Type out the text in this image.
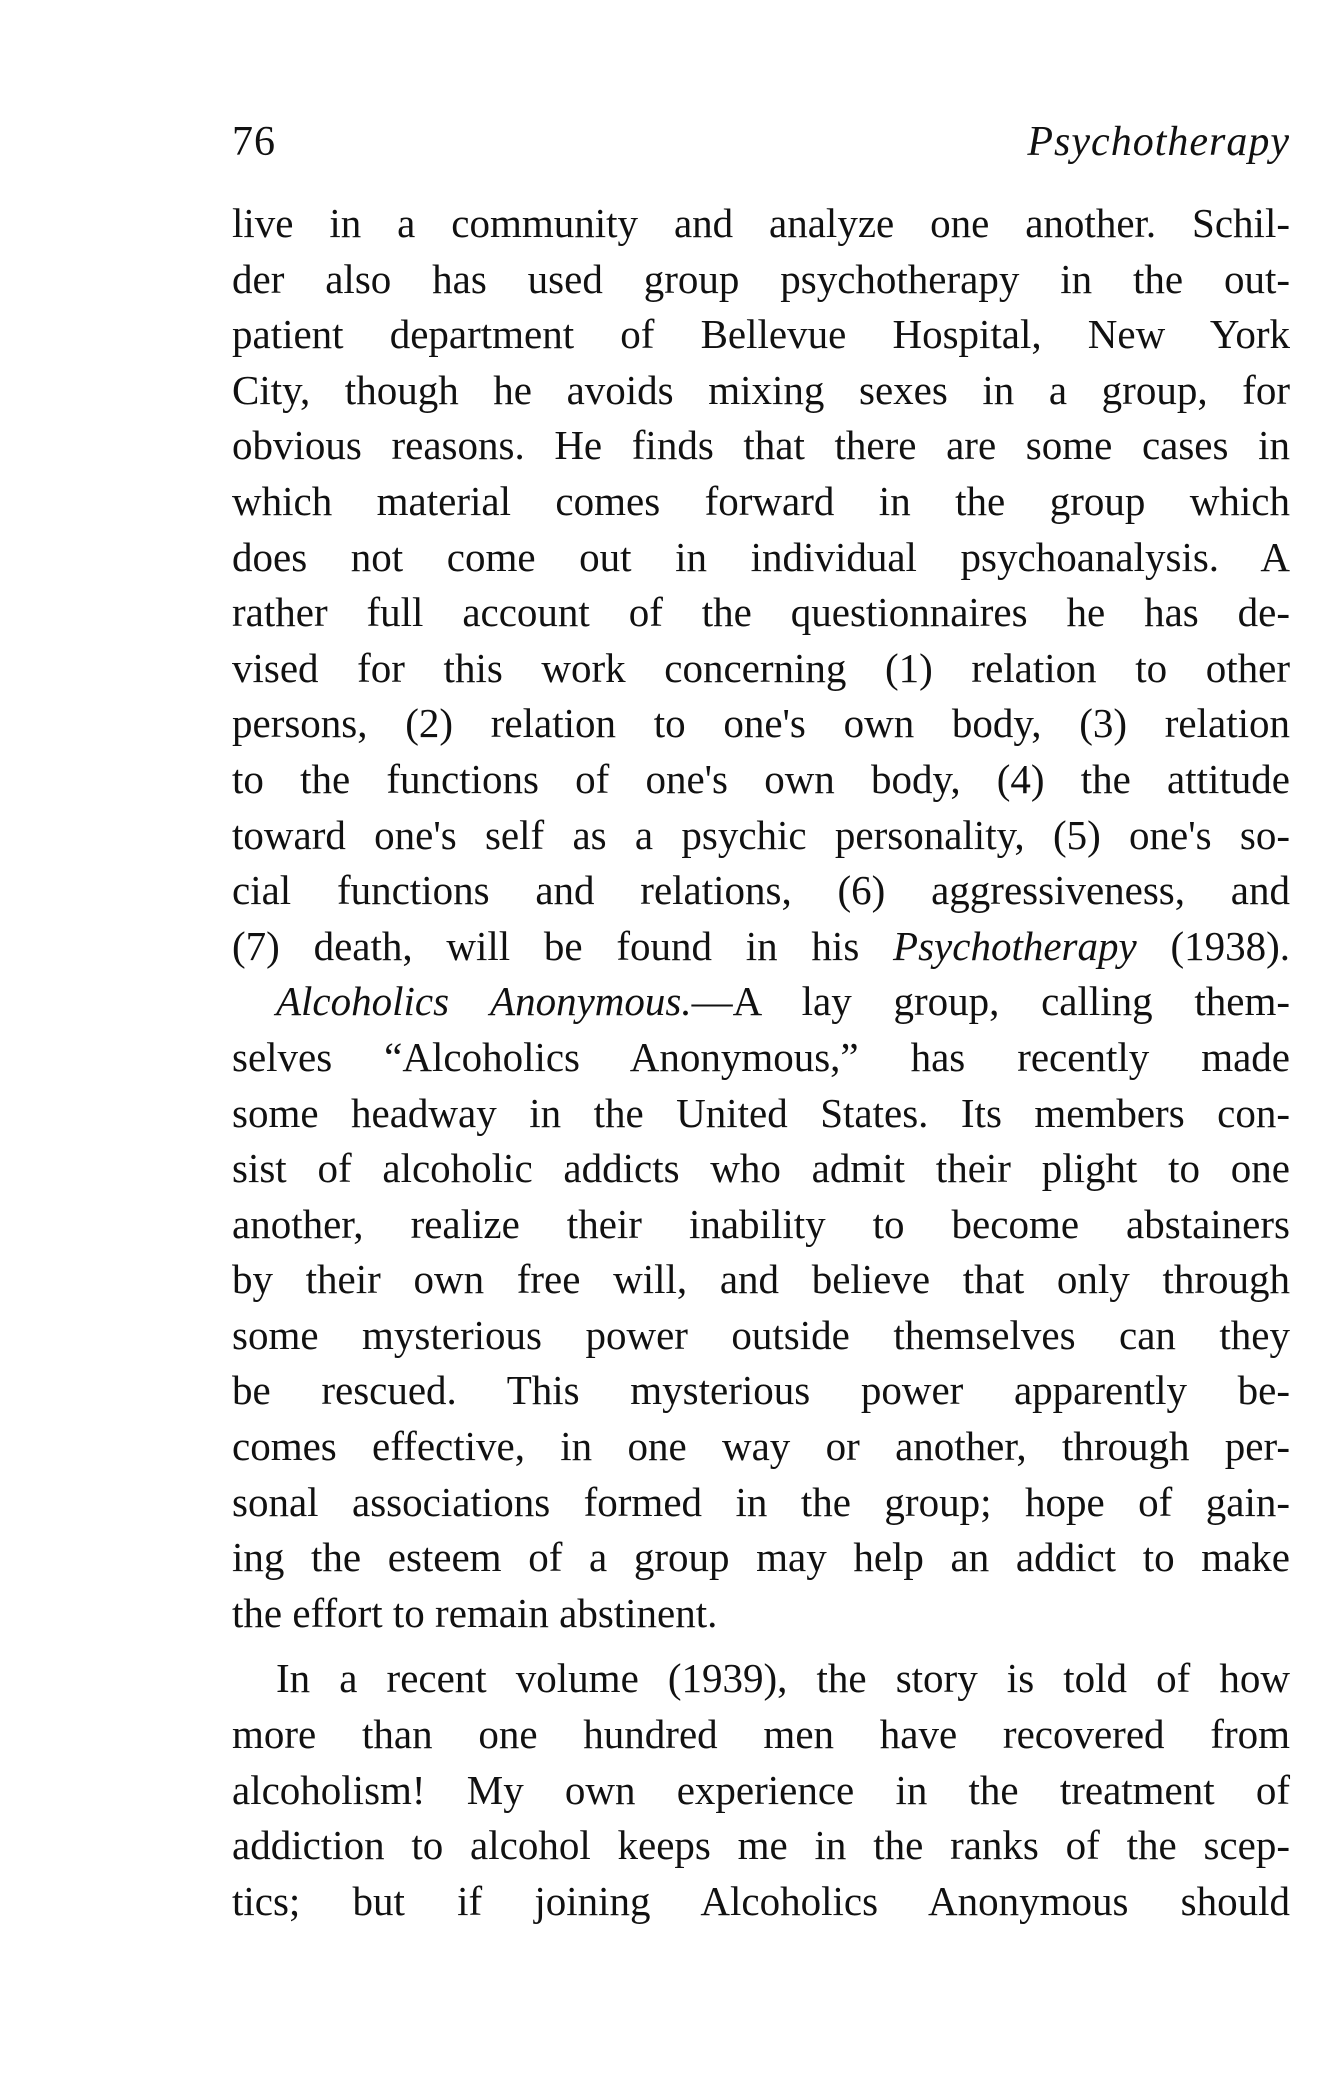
76	Psychotherapy
live in a community and analyze one another. Schil-
der also has used group psychotherapy in the out-
patient department of Bellevue Hospital, New York
City, though he avoids mixing sexes in a group, for
obvious reasons. He finds that there are some cases in
which material comes forward in the group which
does not come out in individual psychoanalysis. A
rather full account of the questionnaires he has de-
vised for this work concerning (1) relation to other
persons, (2) relation to one's own body, (3) relation
to the functions of one's own body, (4) the attitude
toward one's self as a psychic personality, (5) one's so-
cial functions and relations, (6) aggressiveness, and
(7) death, will be found in his Psychotherapy (1938).
Alcoholics Anonymous.—A lay group, calling them-
selves “Alcoholics Anonymous,” has recently made
some headway in the United States. Its members con-
sist of alcoholic addicts who admit their plight to one
another, realize their inability to become abstainers
by their own free will, and believe that only through
some mysterious power outside themselves can they
be rescued. This mysterious power apparently be-
comes effective, in one way or another, through per-
sonal associations formed in the group; hope of gain-
ing the esteem of a group may help an addict to make
the effort to remain abstinent.
In a recent volume (1939), the story is told of how
more than one hundred men have recovered from
alcoholism! My own experience in the treatment of
addiction to alcohol keeps me in the ranks of the scep-
tics; but if joining Alcoholics Anonymous should
